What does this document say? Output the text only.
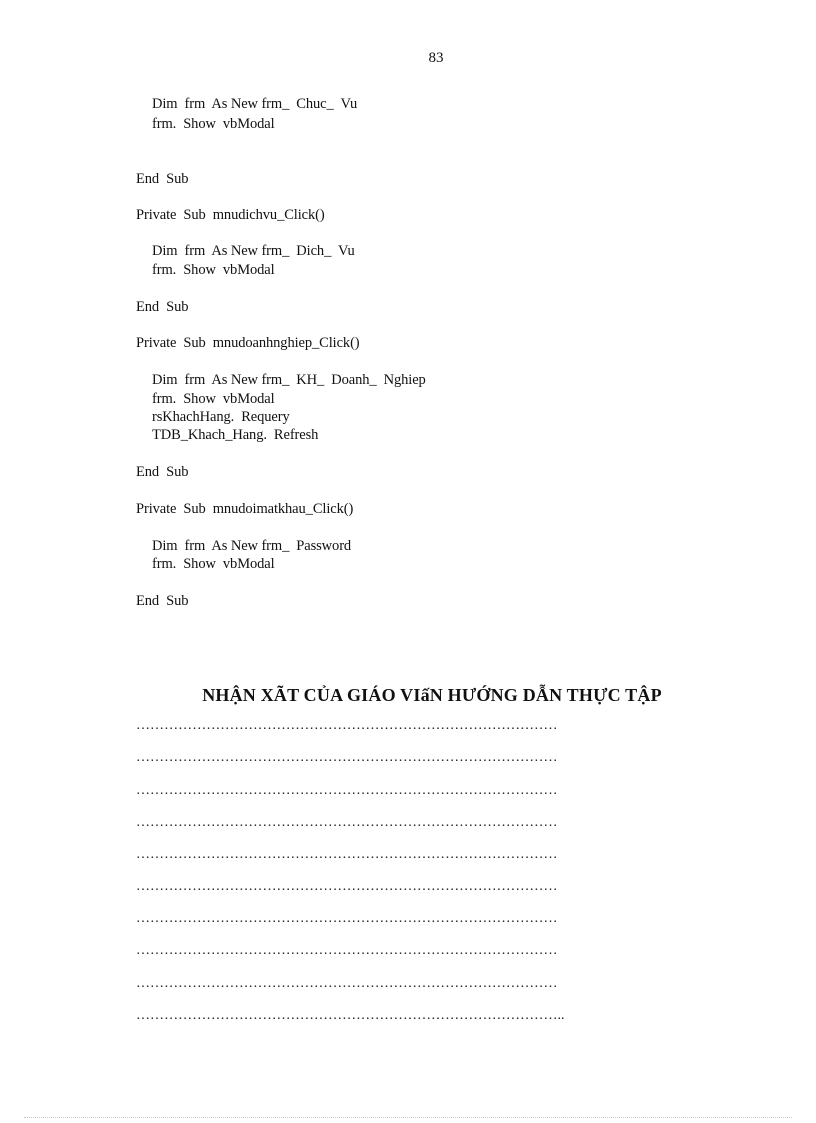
83
Dim  frm  As New frm_  Chuc_  Vu
frm.  Show  vbModal
End  Sub
Private  Sub  mnudichvu_Click()
Dim  frm  As New frm_  Dich_  Vu
frm.  Show  vbModal
End  Sub
Private  Sub  mnudoanhnghiep_Click()
Dim  frm  As New frm_  KH_  Doanh_  Nghiep
frm.  Show  vbModal
rsKhachHang.  Requery
TDB_Khach_Hang.  Refresh
End  Sub
Private  Sub  mnudoimatkhau_Click()
Dim  frm  As New frm_  Password
frm.  Show  vbModal
End  Sub
NHẬN XÃT CỦA GIÁO VIấN HƯỚNG DẪN THỰC TẬP
………………………………………………………………………………
………………………………………………………………………………
………………………………………………………………………………
………………………………………………………………………………
………………………………………………………………………………
………………………………………………………………………………
………………………………………………………………………………
………………………………………………………………………………
………………………………………………………………………………
………………………………………………………………………………..
